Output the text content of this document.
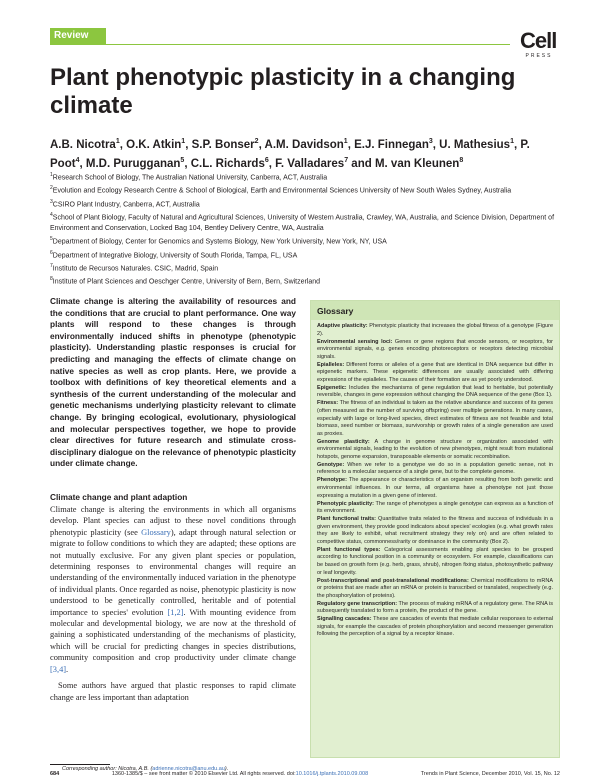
Review	Cell
PRESS
Plant phenotypic plasticity in a changing climate
A.B. Nicotra$^1$, O.K. Atkin$^1$, S.P. Bonser$^2$, A.M. Davidson$^1$, E.J. Finnegan$^3$, U. Mathesius$^1$, P. Poot$^4$, M.D. Purugganan$^5$, C.L. Richards$^6$, F. Valladares$^7$ and M. van Kleunen$^8$
$^1$Research School of Biology, The Australian National University, Canberra, ACT, Australia
$^2$Evolution and Ecology Research Centre & School of Biological, Earth and Environmental Sciences University of New South Wales Sydney, Australia
$^3$CSIRO Plant Industry, Canberra, ACT, Australia
$^4$School of Plant Biology, Faculty of Natural and Agricultural Sciences, University of Western Australia, Crawley, WA, Australia, and Science Division, Department of Environment and Conservation, Locked Bag 104, Bentley Delivery Centre, WA, Australia
$^5$Department of Biology, Center for Genomics and Systems Biology, New York University, New York, NY, USA
$^6$Department of Integrative Biology, University of South Florida, Tampa, FL, USA
$^7$Instituto de Recursos Naturales. CSIC, Madrid, Spain
$^8$Institute of Plant Sciences and Oeschger Centre, University of Bern, Bern, Switzerland
Climate change is altering the availability of resources and the conditions that are crucial to plant performance. One way plants will respond to these changes is through environmentally induced shifts in phenotype (phenotypic plasticity). Understanding plastic responses is crucial for predicting and managing the effects of climate change on native species as well as crop plants. Here, we provide a toolbox with definitions of key theoretical elements and a synthesis of the current understanding of the molecular and genetic mechanisms underlying plasticity relevant to climate change. By bringing ecological, evolutionary, physiological and molecular perspectives together, we hope to provide clear directives for future research and stimulate cross-disciplinary dialogue on the relevance of phenotypic plasticity under climate change.
Climate change and plant adaption

Climate change is altering the environments in which all organisms develop. Plant species can adjust to these novel conditions through phenotypic plasticity (see Glossary), adapt through natural selection or migrate to follow conditions to which they are adapted; these options are not mutually exclusive. For any given plant species or population, determining responses to environmental changes will require an understanding of the environmentally induced variation in the phenotype of individual plants. Once regarded as noise, phenotypic plasticity is now understood to be genetically controlled, heritable and of potential importance to species' evolution [1,2]. With mounting evidence from molecular and developmental biology, we are now at the threshold of gaining a sophisticated understanding of the mechanisms of plasticity, which will be crucial for predicting changes in species distributions, community composition and crop productivity under climate change [3,4].

Some authors have argued that plastic responses to rapid climate change are less important than adaptation

Glossary
Adaptive plasticity: Phenotypic plasticity that increases the global fitness of a genotype (Figure 2).
Environmental sensing loci: Genes or gene regions that encode sensors, or receptors, for environmental signals, e.g. genes encoding photoreceptors or receptors detecting microbial signals.
Epialleles: Different forms or alleles of a gene that are identical in DNA sequence but differ in epigenetic markers. These epigenetic differences are usually associated with differing expressions of the epialleles. The causes of their formation are as yet poorly understood.
Epigenetic: Includes the mechanisms of gene regulation that lead to heritable, but potentially reversible, changes in gene expression without changing the DNA sequence of the gene (Box 1).
Fitness: The fitness of an individual is taken as the relative abundance and success of its genes (often measured as the number of surviving offspring) over multiple generations. In many cases, especially with large or long-lived species, direct estimates of fitness are not feasible and total biomass, seed number or biomass, survivorship or growth rates of a single generation are used as proxies.
Genome plasticity: A change in genome structure or organization associated with environmental signals, leading to the evolution of new phenotypes, might result from mutational hotspots, genome expansion, transposable elements or somatic recombination.
Genotype: When we refer to a genotype we do so in a population genetic sense, not in reference to a molecular sequence of a single gene, but to the complete genome.
Phenotype: The appearance or characteristics of an organism resulting from both genetic and environmental influences. In our terms, all organisms have a phenotype not just those expressing a mutation in a given gene of interest.
Phenotypic plasticity: The range of phenotypes a single genotype can express as a function of its environment.
Plant functional traits: Quantitative traits related to the fitness and success of individuals in a given environment, they provide good indicators about species' ecologies (e.g. what growth rates they are likely to exhibit, what recruitment strategy they rely on) and are often related to competitive status, commonness/rarity or dominance in the community (Box 2).
Plant functional types: Categorical assessments enabling plant species to be grouped according to functional position in a community or ecosystem. For example, classifications can be based on growth form (e.g. herb, grass, shrub), nitrogen fixing status, photosynthetic pathway or leaf longevity.
Post-transcriptional and post-translational modifications: Chemical modifications to mRNA or proteins that are made after an mRNA or protein is transcribed or translated, respectively (e.g. the phosphorylation of proteins).
Regulatory gene transcription: The process of making mRNA of a regulatory gene. The RNA is subsequently translated to form a protein, the product of the gene.
Signalling cascades: These are cascades of events that mediate cellular responses to external signals, for example the cascades of protein phosphorylation and second messenger generation following the perception of a signal by a receptor kinase.
Corresponding author: Nicotra, A.B. (adrienne.nicotra@anu.edu.au).
684	1360-1385/$ – see front matter © 2010 Elsevier Ltd. All rights reserved. doi:10.1016/j.tplants.2010.09.008	Trends in Plant Science, December 2010, Vol. 15, No. 12
